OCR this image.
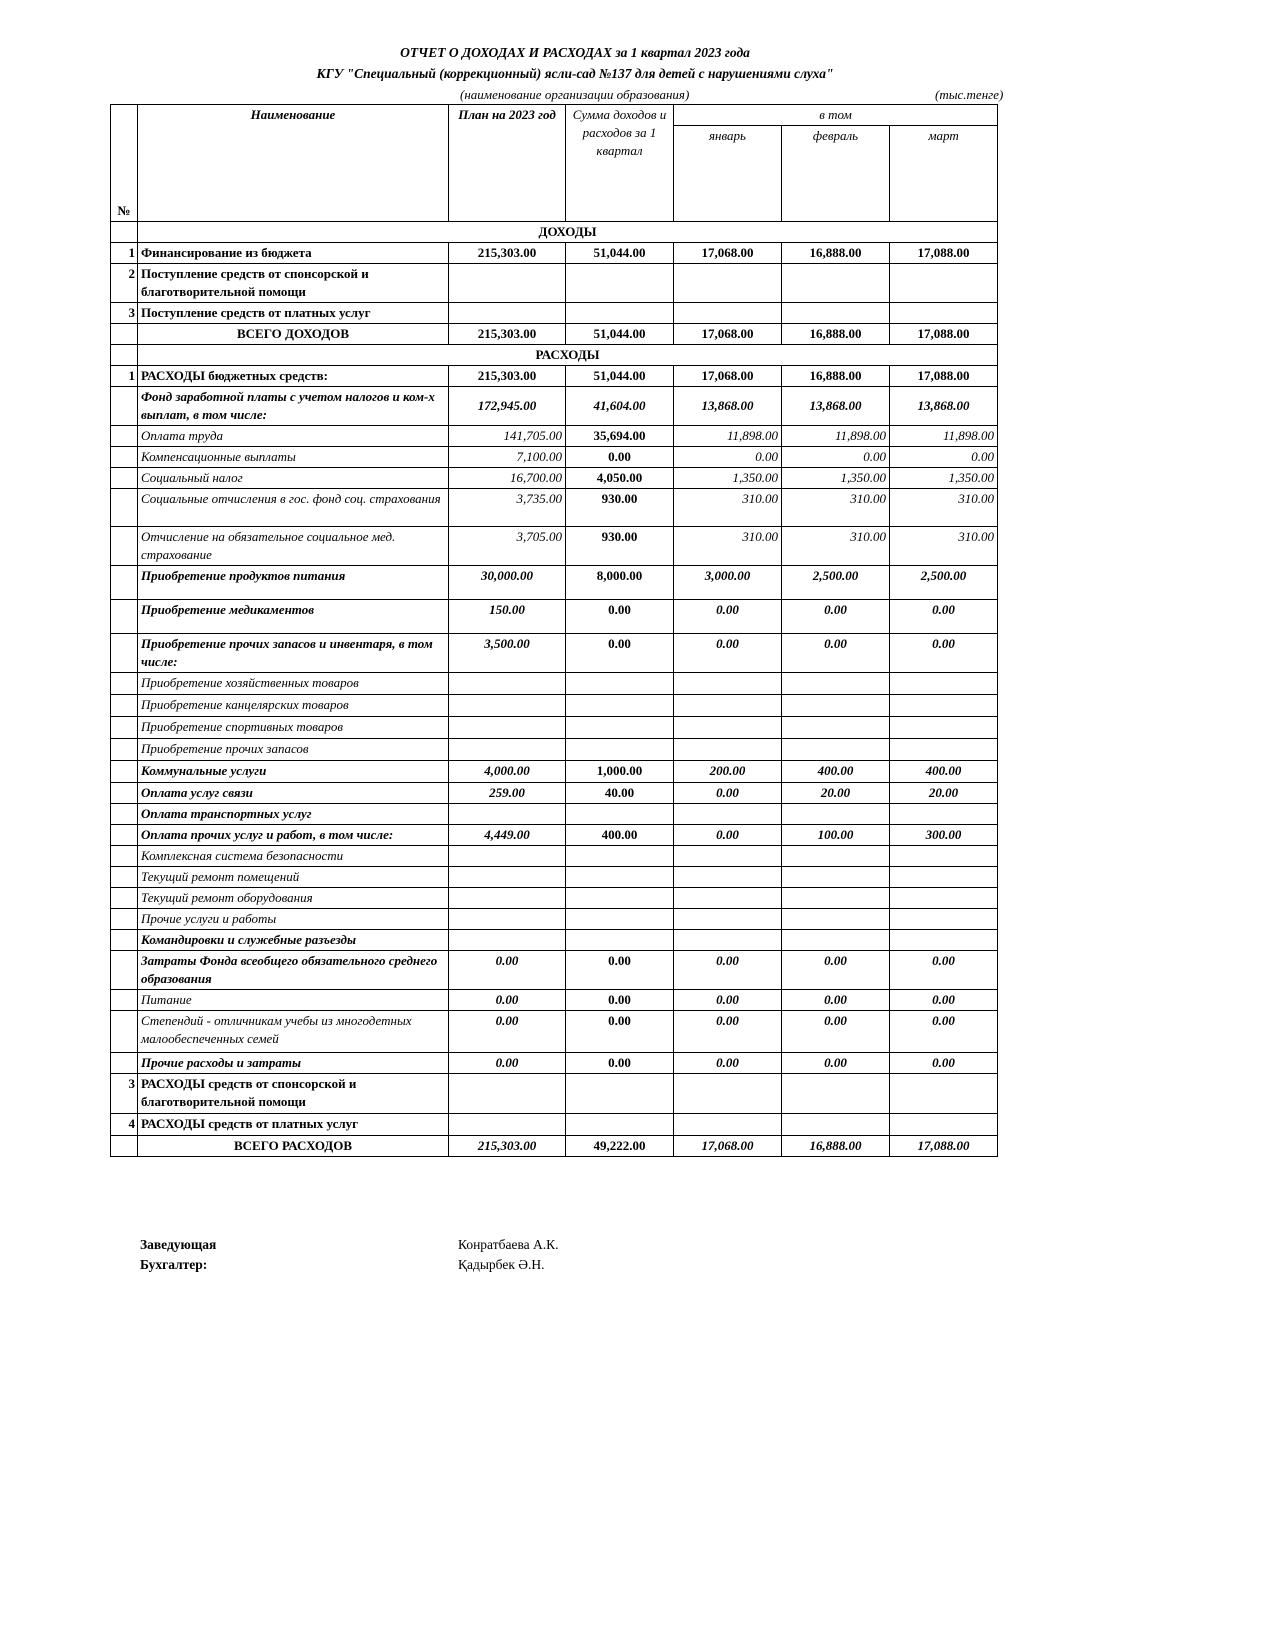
ОТЧЕТ О ДОХОДАХ И РАСХОДАХ за 1 квартал 2023 года
КГУ "Специальный (коррекционный) ясли-сад №137 для детей с нарушениями слуха"
(наименование организации образования)	(тыс.тенге)
№	Наименование	План на 2023 год	Сумма доходов и расходов за 1 квартал	в том		
				январь	февраль	март
	ДОХОДЫ					
1	Финансирование из бюджета	215,303.00	51,044.00	17,068.00	16,888.00	17,088.00
2	Поступление средств от спонсорской и благотворительной помощи					
3	Поступление средств от платных услуг					
	ВСЕГО ДОХОДОВ	215,303.00	51,044.00	17,068.00	16,888.00	17,088.00
	РАСХОДЫ					
1	РАСХОДЫ бюджетных средств:	215,303.00	51,044.00	17,068.00	16,888.00	17,088.00
	Фонд заработной платы с учетом налогов и ком-х выплат, в том числе:	172,945.00	41,604.00	13,868.00	13,868.00	13,868.00
	Оплата труда	141,705.00	35,694.00	11,898.00	11,898.00	11,898.00
	Компенсационные выплаты	7,100.00	0.00	0.00	0.00	0.00
	Социальный налог	16,700.00	4,050.00	1,350.00	1,350.00	1,350.00
	Социальные отчисления в гос. фонд соц. страхования	3,735.00	930.00	310.00	310.00	310.00
	Отчисление на обязательное социальное мед. страхование	3,705.00	930.00	310.00	310.00	310.00
	Приобретение продуктов питания	30,000.00	8,000.00	3,000.00	2,500.00	2,500.00
	Приобретение медикаментов	150.00	0.00	0.00	0.00	0.00
	Приобретение прочих запасов и инвентаря, в том числе:	3,500.00	0.00	0.00	0.00	0.00
	Приобретение хозяйственных товаров					
	Приобретение канцелярских товаров					
	Приобретение спортивных товаров					
	Приобретение прочих запасов					
	Коммунальные услуги	4,000.00	1,000.00	200.00	400.00	400.00
	Оплата услуг связи	259.00	40.00	0.00	20.00	20.00
	Оплата транспортных услуг					
	Оплата прочих услуг и работ, в том числе:	4,449.00	400.00	0.00	100.00	300.00
	Комплексная система безопасности					
	Текущий ремонт помещений					
	Текущий ремонт оборудования					
	Прочие услуги и работы					
	Командировки и служебные разъезды					
	Затраты Фонда всеобщего обязательного среднего образования	0.00	0.00	0.00	0.00	0.00
	Питание	0.00	0.00	0.00	0.00	0.00
	Степендий - отличникам учебы из многодетных малообеспеченных семей	0.00	0.00	0.00	0.00	0.00
	Прочие расходы и затраты	0.00	0.00	0.00	0.00	0.00
3	РАСХОДЫ средств от спонсорской и благотворительной помощи					
4	РАСХОДЫ средств от платных услуг					
	ВСЕГО РАСХОДОВ	215,303.00	49,222.00	17,068.00	16,888.00	17,088.00
Заведующая	Конратбаева А.К.
Бухгалтер:	Қадырбек Ә.Н.
